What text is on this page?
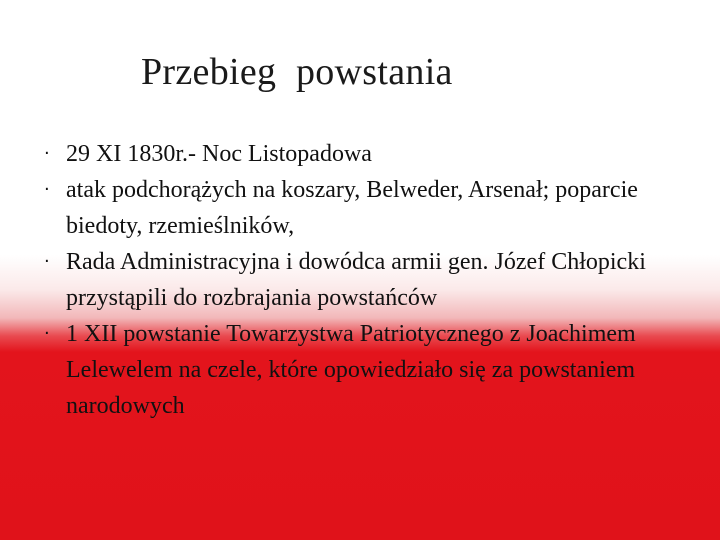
Przebieg  powstania
· 29 XI 1830r.- Noc Listopadowa
· atak podchorążych na koszary, Belweder, Arsenał; poparcie biedoty, rzemieślników,
· Rada Administracyjna i dowódca armii gen. Józef Chłopicki przystąpili do rozbrajania powstańców
· 1 XII powstanie Towarzystwa Patriotycznego z Joachimem Lelewelem na czele, które opowiedziało się za powstaniem narodowych
